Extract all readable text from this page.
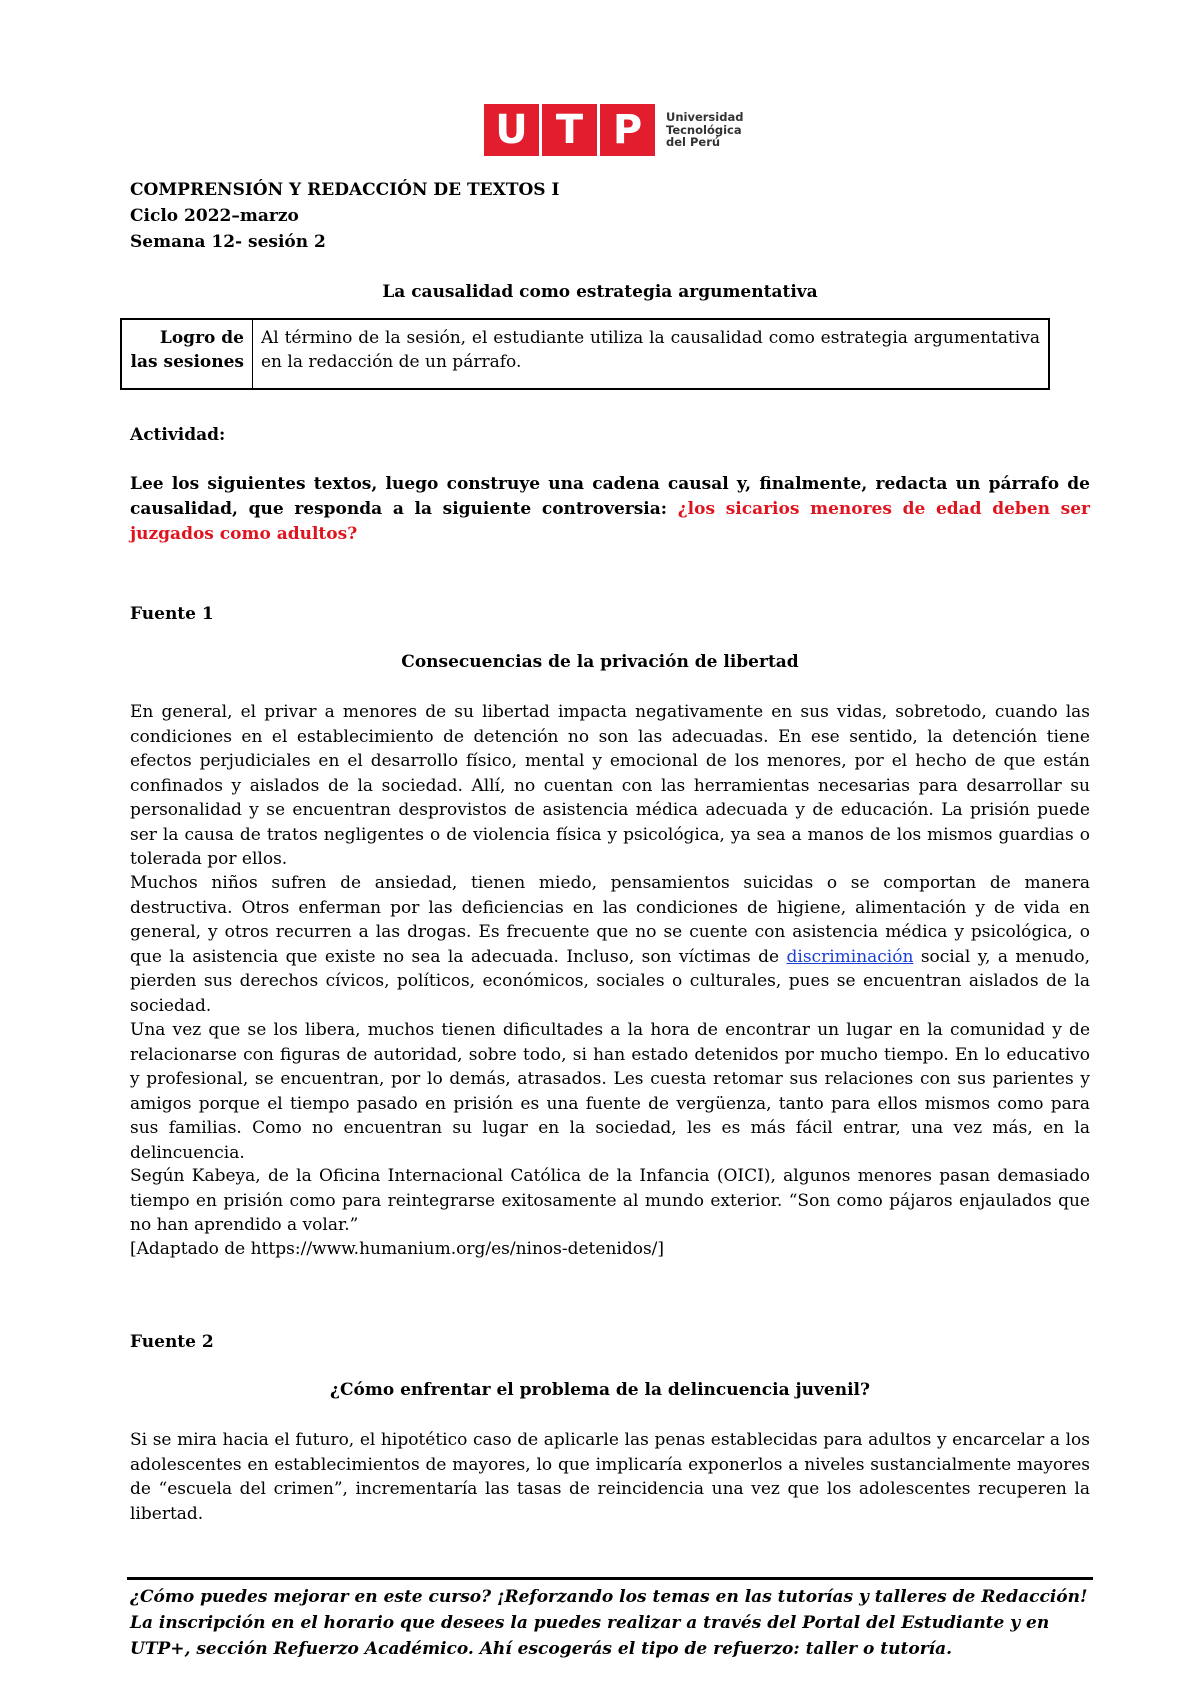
U T P	Universidad
Tecnológica
del Perú
COMPRENSIÓN Y REDACCIÓN DE TEXTOS I
Ciclo 2022–marzo
Semana 12- sesión 2
La causalidad como estrategia argumentativa
Logro de
las sesiones
	Al término de la sesión, el estudiante utiliza la causalidad como estrategia argumentativa en la redacción de un párrafo.
Actividad:
Lee los siguientes textos, luego construye una cadena causal y, finalmente, redacta un párrafo de causalidad, que responda a la siguiente controversia: ¿los sicarios menores de edad deben ser juzgados como adultos?
Fuente 1
Consecuencias de la privación de libertad
En general, el privar a menores de su libertad impacta negativamente en sus vidas, sobretodo, cuando las condiciones en el establecimiento de detención no son las adecuadas. En ese sentido, la detención tiene efectos perjudiciales en el desarrollo físico, mental y emocional de los menores, por el hecho de que están confinados y aislados de la sociedad. Allí, no cuentan con las herramientas necesarias para desarrollar su personalidad y se encuentran desprovistos de asistencia médica adecuada y de educación. La prisión puede ser la causa de tratos negligentes o de violencia física y psicológica, ya sea a manos de los mismos guardias o tolerada por ellos.
Muchos niños sufren de ansiedad, tienen miedo, pensamientos suicidas o se comportan de manera destructiva. Otros enferman por las deficiencias en las condiciones de higiene, alimentación y de vida en general, y otros recurren a las drogas. Es frecuente que no se cuente con asistencia médica y psicológica, o que la asistencia que existe no sea la adecuada. Incluso, son víctimas de discriminación social y, a menudo, pierden sus derechos cívicos, políticos, económicos, sociales o culturales, pues se encuentran aislados de la sociedad.
Una vez que se los libera, muchos tienen dificultades a la hora de encontrar un lugar en la comunidad y de relacionarse con figuras de autoridad, sobre todo, si han estado detenidos por mucho tiempo. En lo educativo y profesional, se encuentran, por lo demás, atrasados. Les cuesta retomar sus relaciones con sus parientes y amigos porque el tiempo pasado en prisión es una fuente de vergüenza, tanto para ellos mismos como para sus familias. Como no encuentran su lugar en la sociedad, les es más fácil entrar, una vez más, en la delincuencia.
Según Kabeya, de la Oficina Internacional Católica de la Infancia (OICI), algunos menores pasan demasiado tiempo en prisión como para reintegrarse exitosamente al mundo exterior. “Son como pájaros enjaulados que no han aprendido a volar.”
[Adaptado de https://www.humanium.org/es/ninos-detenidos/]
Fuente 2
¿Cómo enfrentar el problema de la delincuencia juvenil?
Si se mira hacia el futuro, el hipotético caso de aplicarle las penas establecidas para adultos y encarcelar a los adolescentes en establecimientos de mayores, lo que implicaría exponerlos a niveles sustancialmente mayores de “escuela del crimen”, incrementaría las tasas de reincidencia una vez que los adolescentes recuperen la libertad.
¿Cómo puedes mejorar en este curso? ¡Reforzando los temas en las tutorías y talleres de Redacción! La inscripción en el horario que desees la puedes realizar a través del Portal del Estudiante y en UTP+, sección Refuerzo Académico. Ahí escogerás el tipo de refuerzo: taller o tutoría.
